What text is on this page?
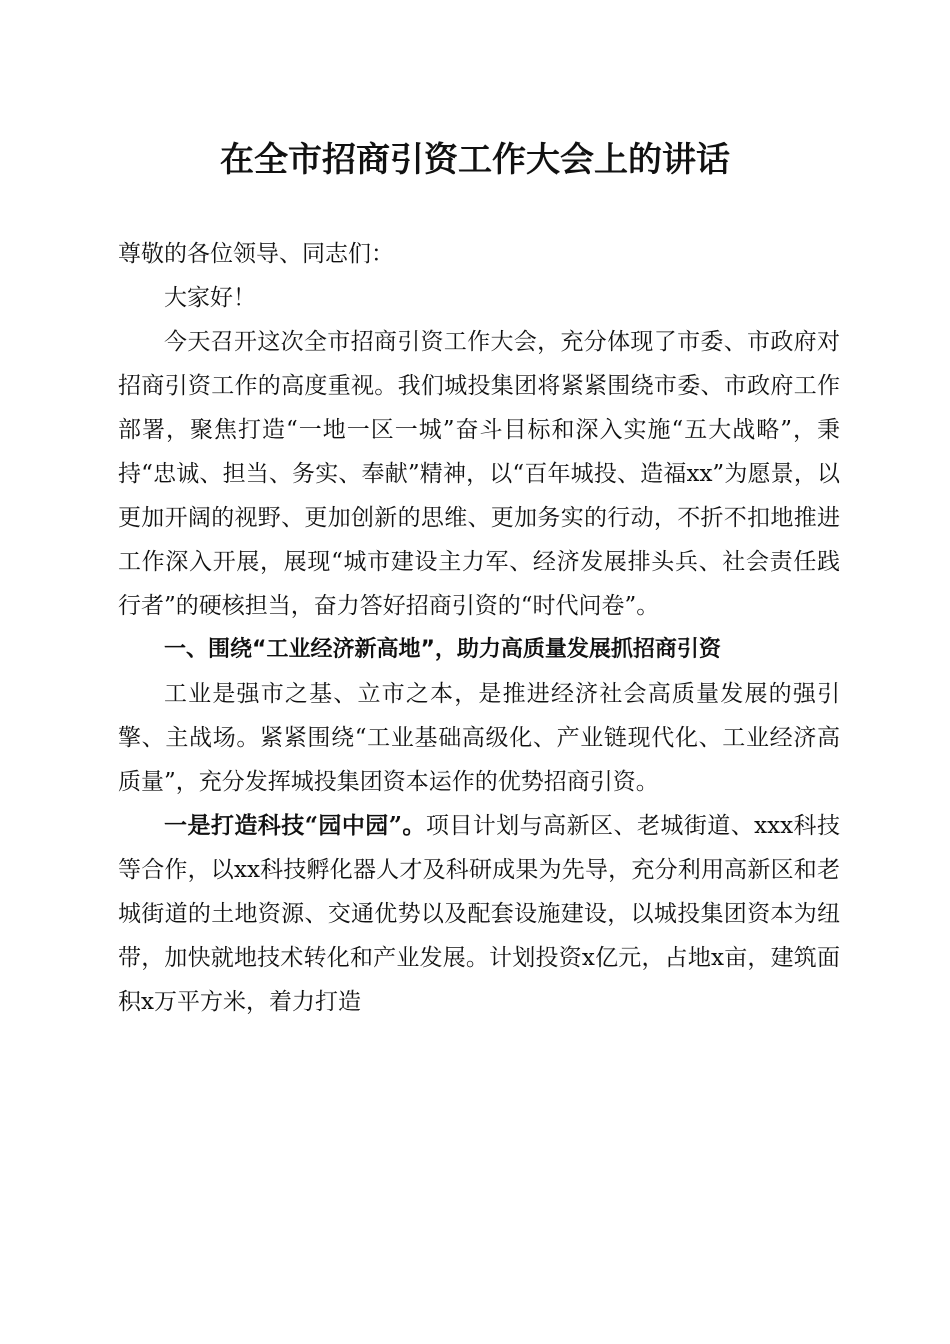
在全市招商引资工作大会上的讲话

尊敬的各位领导、同志们：

大家好！

今天召开这次全市招商引资工作大会，充分体现了市委、市政府对招商引资工作的高度重视。我们城投集团将紧紧围绕市委、市政府工作部署，聚焦打造“一地一区一城”奋斗目标和深入实施“五大战略”，秉持“忠诚、担当、务实、奉献”精神，以“百年城投、造福xx”为愿景，以更加开阔的视野、更加创新的思维、更加务实的行动，不折不扣地推进工作深入开展，展现“城市建设主力军、经济发展排头兵、社会责任践行者”的硬核担当，奋力答好招商引资的“时代问卷”。

一、围绕“工业经济新高地”，助力高质量发展抓招商引资

工业是强市之基、立市之本，是推进经济社会高质量发展的强引擎、主战场。紧紧围绕“工业基础高级化、产业链现代化、工业经济高质量”，充分发挥城投集团资本运作的优势招商引资。

一是打造科技“园中园”。项目计划与高新区、老城街道、xxx科技等合作，以xx科技孵化器人才及科研成果为先导，充分利用高新区和老城街道的土地资源、交通优势以及配套设施建设，以城投集团资本为纽带，加快就地技术转化和产业发展。计划投资x亿元，占地x亩，建筑面积x万平方米，着力打造
